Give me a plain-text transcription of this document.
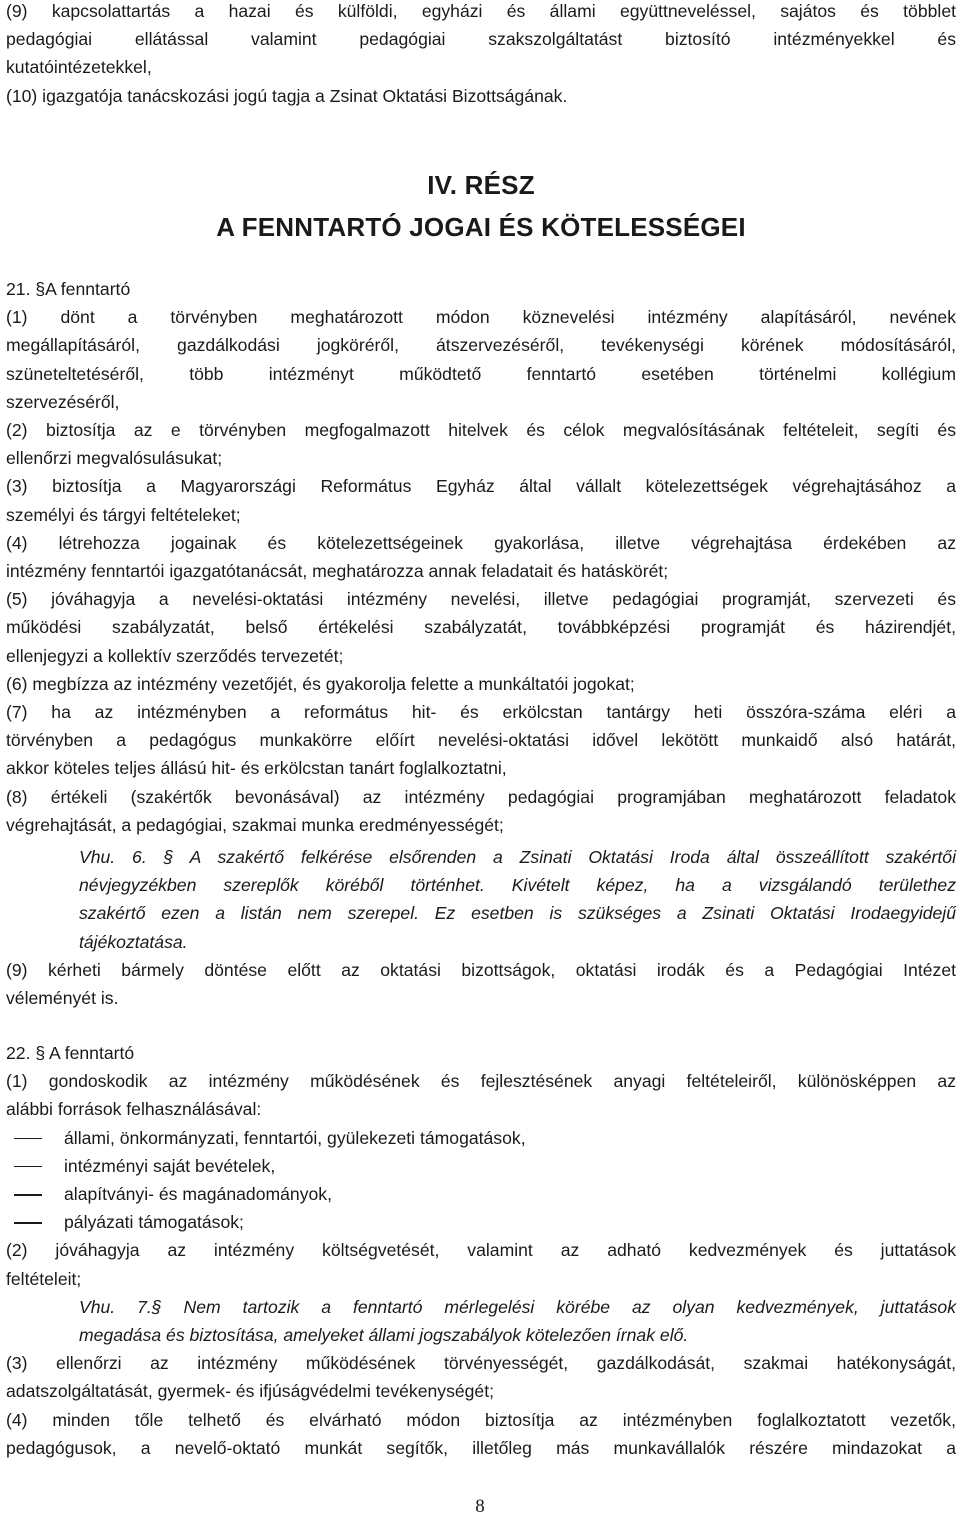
(9) kapcsolattartás a hazai és külföldi, egyházi és állami együttneveléssel, sajátos és többlet

pedagógiai ellátással valamint pedagógiai szakszolgáltatást biztosító intézményekkel és

kutatóintézetekkel,

(10) igazgatója tanácskozási jogú tagja a Zsinat Oktatási Bizottságának.

IV. RÉSZ
A FENNTARTÓ JOGAI ÉS KÖTELESSÉGEI

21. §A fenntartó

(1) dönt a törvényben meghatározott módon köznevelési intézmény alapításáról, nevének

megállapításáról, gazdálkodási jogköréről, átszervezéséről, tevékenységi körének módosításáról,

szüneteltetéséről, több intézményt működtető fenntartó esetében történelmi kollégium

szervezéséről,

(2) biztosítja az e törvényben megfogalmazott hitelvek és célok megvalósításának feltételeit, segíti és

ellenőrzi megvalósulásukat;

(3) biztosítja a Magyarországi Református Egyház által vállalt kötelezettségek végrehajtásához a

személyi és tárgyi feltételeket;

(4) létrehozza jogainak és kötelezettségeinek gyakorlása, illetve végrehajtása érdekében az

intézmény fenntartói igazgatótanácsát, meghatározza annak feladatait és hatáskörét;

(5) jóváhagyja a nevelési-oktatási intézmény nevelési, illetve pedagógiai programját, szervezeti és

működési szabályzatát, belső értékelési szabályzatát, továbbképzési programját és házirendjét,

ellenjegyzi a kollektív szerződés tervezetét;

(6) megbízza az intézmény vezetőjét, és gyakorolja felette a munkáltatói jogokat;

(7) ha az intézményben a református hit- és erkölcstan tantárgy heti összóra-száma eléri a

törvényben a pedagógus munkakörre előírt nevelési-oktatási idővel lekötött munkaidő alsó határát,

akkor köteles teljes állású hit- és erkölcstan tanárt foglalkoztatni,

(8) értékeli (szakértők bevonásával) az intézmény pedagógiai programjában meghatározott feladatok

végrehajtását, a pedagógiai, szakmai munka eredményességét;

Vhu. 6. § A szakértő felkérése elsőrenden a Zsinati Oktatási Iroda által összeállított szakértői

névjegyzékben szereplők köréből történhet. Kivételt képez, ha a vizsgálandó területhez

szakértő ezen a listán nem szerepel. Ez esetben is szükséges a Zsinati Oktatási Irodaegyidejű

tájékoztatása.

(9) kérheti bármely döntése előtt az oktatási bizottságok, oktatási irodák és a Pedagógiai Intézet

véleményét is.

22. § A fenntartó

(1) gondoskodik az intézmény működésének és fejlesztésének anyagi feltételeiről, különösképpen az

alábbi források felhasználásával:

állami, önkormányzati, fenntartói, gyülekezeti támogatások,
intézményi saját bevételek,
alapítványi- és magánadományok,
pályázati támogatások;

(2) jóváhagyja az intézmény költségvetését, valamint az adható kedvezmények és juttatások

feltételeit;

Vhu. 7.§ Nem tartozik a fenntartó mérlegelési körébe az olyan kedvezmények, juttatások

megadása és biztosítása, amelyeket állami jogszabályok kötelezően írnak elő.

(3) ellenőrzi az intézmény működésének törvényességét, gazdálkodását, szakmai hatékonyságát,

adatszolgáltatását, gyermek- és ifjúságvédelmi tevékenységét;

(4) minden tőle telhető és elvárható módon biztosítja az intézményben foglalkoztatott vezetők,

pedagógusok, a nevelő-oktató munkát segítők, illetőleg más munkavállalók részére mindazokat a

8
